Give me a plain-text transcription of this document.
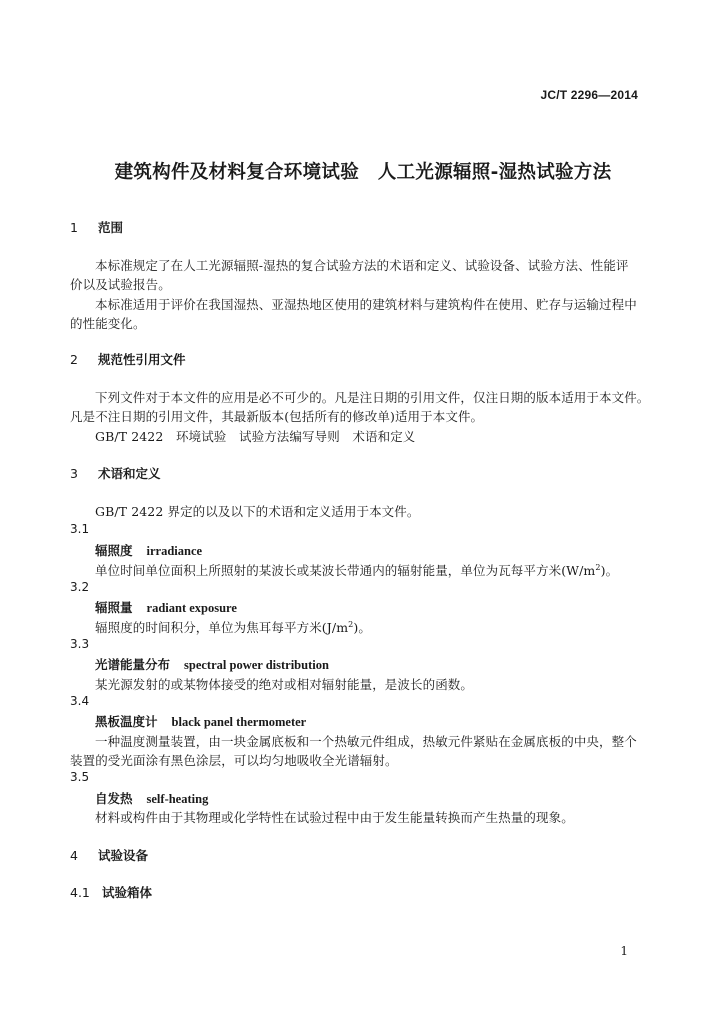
JC/T 2296—2014
建筑构件及材料复合环境试验　人工光源辐照-湿热试验方法
1 范围
本标准规定了在人工光源辐照-湿热的复合试验方法的术语和定义、试验设备、试验方法、性能评
价以及试验报告。
本标准适用于评价在我国湿热、亚湿热地区使用的建筑材料与建筑构件在使用、贮存与运输过程中
的性能变化。
2 规范性引用文件
下列文件对于本文件的应用是必不可少的。凡是注日期的引用文件，仅注日期的版本适用于本文件。
凡是不注日期的引用文件，其最新版本(包括所有的修改单)适用于本文件。
GB/T 2422　环境试验　试验方法编写导则　术语和定义
3 术语和定义
GB/T 2422 界定的以及以下的术语和定义适用于本文件。
3.1
辐照度 irradiance
单位时间单位面积上所照射的某波长或某波长带通内的辐射能量，单位为瓦每平方米$(W/m^2)$。
3.2
辐照量 radiant exposure
辐照度的时间积分，单位为焦耳每平方米$(J/m^2)$。
3.3
光谱能量分布 spectral power distribution
某光源发射的或某物体接受的绝对或相对辐射能量，是波长的函数。
3.4
黑板温度计 black panel thermometer
一种温度测量装置，由一块金属底板和一个热敏元件组成，热敏元件紧贴在金属底板的中央，整个
装置的受光面涂有黑色涂层，可以均匀地吸收全光谱辐射。
3.5
自发热 self-heating
材料或构件由于其物理或化学特性在试验过程中由于发生能量转换而产生热量的现象。
4 试验设备
4.1 试验箱体
1
